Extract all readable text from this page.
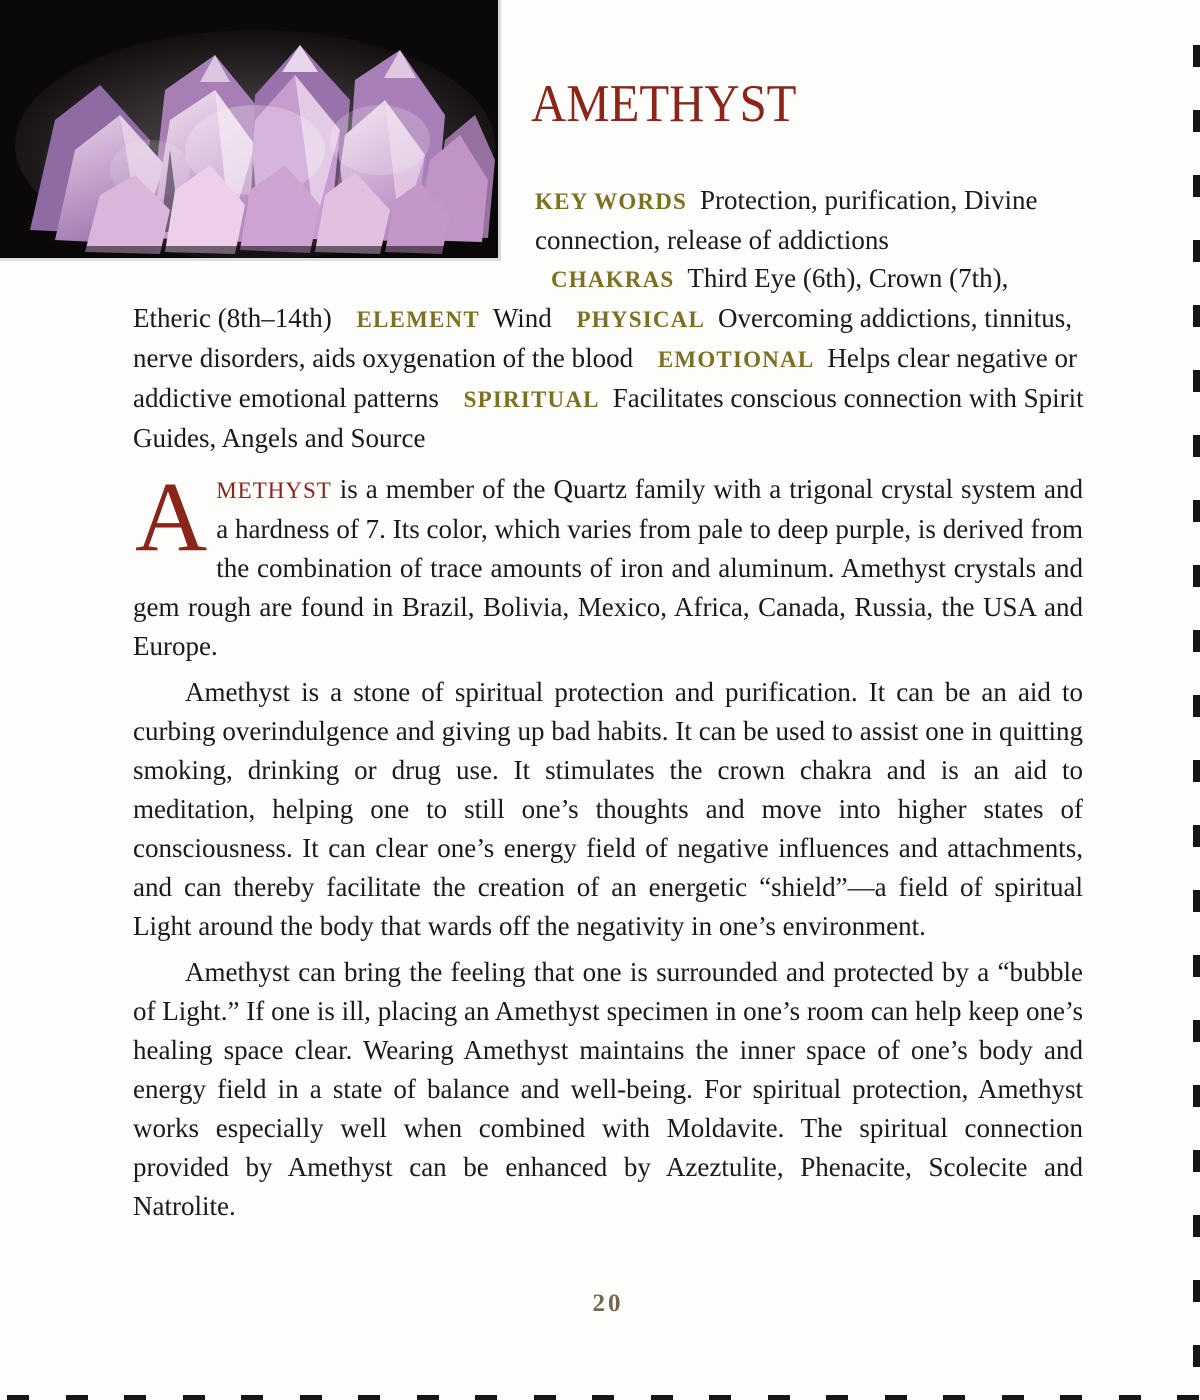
AMETHYST
KEY WORDS Protection, purification, Divine connection, release of addictions CHAKRAS Third Eye (6th), Crown (7th), Etheric (8th–14th) ELEMENT Wind PHYSICAL Overcoming addictions, tinnitus, nerve disorders, aids oxygenation of the blood EMOTIONAL Helps clear negative or addictive emotional patterns SPIRITUAL Facilitates conscious connection with Spirit Guides, Angels and Source

AMETHYST is a member of the Quartz family with a trigonal crystal system and a hardness of 7. Its color, which varies from pale to deep purple, is derived from the combination of trace amounts of iron and aluminum. Amethyst crystals and gem rough are found in Brazil, Bolivia, Mexico, Africa, Canada, Russia, the USA and Europe.

Amethyst is a stone of spiritual protection and purification. It can be an aid to curbing overindulgence and giving up bad habits. It can be used to assist one in quitting smoking, drinking or drug use. It stimulates the crown chakra and is an aid to meditation, helping one to still one’s thoughts and move into higher states of consciousness. It can clear one’s energy field of negative influences and attachments, and can thereby facilitate the creation of an energetic “shield”—a field of spiritual Light around the body that wards off the negativity in one’s environment.

Amethyst can bring the feeling that one is surrounded and protected by a “bubble of Light.” If one is ill, placing an Amethyst specimen in one’s room can help keep one’s healing space clear. Wearing Amethyst maintains the inner space of one’s body and energy field in a state of balance and well-being. For spiritual protection, Amethyst works especially well when combined with Moldavite. The spiritual connection provided by Amethyst can be enhanced by Azeztulite, Phenacite, Scolecite and Natrolite.

20
